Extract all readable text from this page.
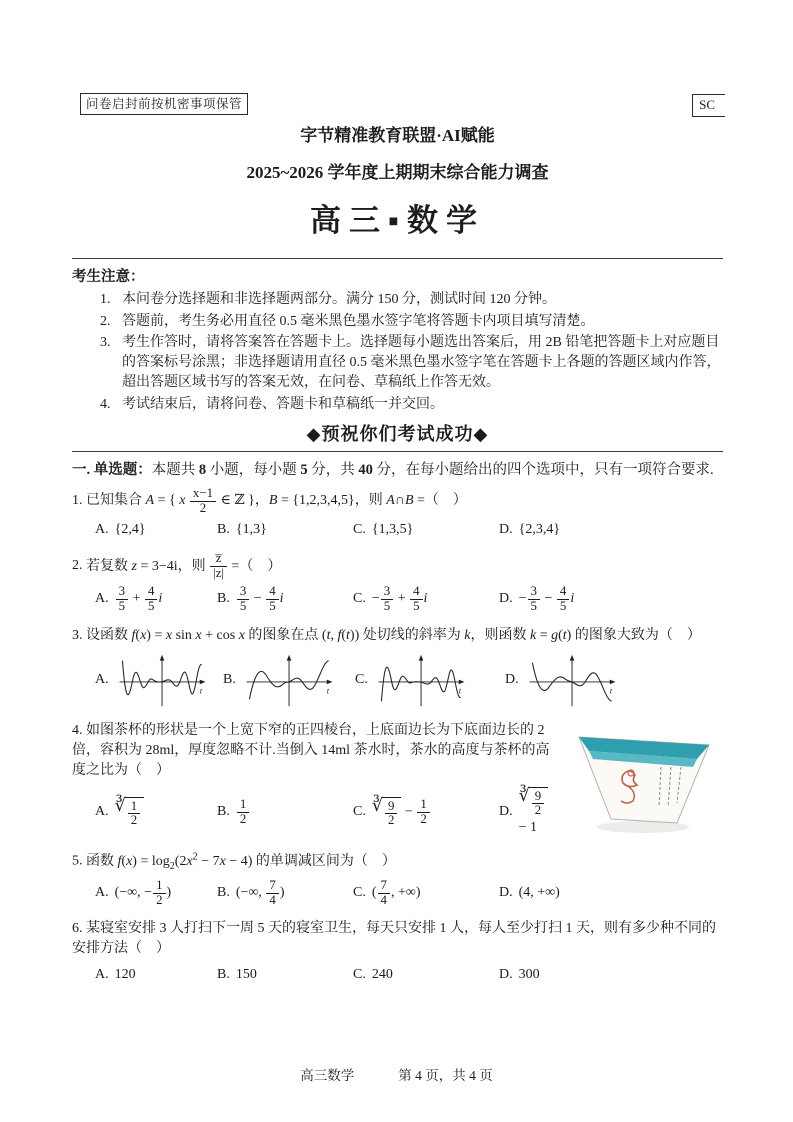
问卷启封前按机密事项保管	SC
字节精准教育联盟·AI赋能
2025~2026 学年度上期期末综合能力调查
高三▪数学
考生注意：
1. 本问卷分选择题和非选择题两部分。满分 150 分，测试时间 120 分钟。
2. 答题前，考生务必用直径 0.5 毫米黑色墨水签字笔将答题卡内项目填写清楚。
3. 考生作答时，请将答案答在答题卡上。选择题每小题选出答案后，用 2B 铅笔把答题卡上对应题目的答案标号涂黑；非选择题请用直径 0.5 毫米黑色墨水签字笔在答题卡上各题的答题区域内作答，超出答题区域书写的答案无效，在问卷、草稿纸上作答无效。
4. 考试结束后，请将问卷、答题卡和草稿纸一并交回。
◆预祝你们考试成功◆
一. 单选题：本题共 8 小题，每小题 5 分，共 40 分，在每小题给出的四个选项中，只有一项符合要求.
1. 已知集合 A = { x $\frac{x-1}{2}$ ∈ ℤ }，B = {1,2,3,4,5}，则 A∩B =（　）
A. {2,4}	B. {1,3}	C. {1,3,5}	D. {2,3,4}
2. 若复数 z = 3−4i，则 $\frac{z̅}{|z|}$ =（　）
A. $\frac{3}{5} + \frac{4}{5}$ i	B. $\frac{3}{5} - \frac{4}{5}$ i	C. − $\frac{3}{5} + \frac{4}{5}$ i	D. − $\frac{3}{5} - \frac{4}{5}$ i
3. 设函数 f(x) = x sin x + cos x 的图象在点 (t, f(t)) 处切线的斜率为 k，则函数 k = g(t) 的图象大致为（　）
A.
t
B.
t
C.
t
D.
t
4. 如图茶杯的形状是一个上宽下窄的正四棱台，上底面边长为下底面边长的 2 倍，容积为 28ml，厚度忽略不计.当倒入 14ml 茶水时，茶水的高度与茶杯的高度之比为（　）
A. ∛ $\frac{1}{2}$	B. $\frac{1}{2}$	C. ∛ $\frac{9}{2} - \frac{1}{2}$	D.
∛ $\frac{9}{2}$
− 1
5. 函数 $f(x) = \log_2(2x^2 - 7x - 4)$ 的单调减区间为（　）
A. (−∞, − $\frac{1}{2}$ )	B. (−∞, $\frac{7}{4}$ )	C. ( $\frac{7}{4}$ , +∞)	D. (4, +∞)
6. 某寝室安排 3 人打扫下一周 5 天的寝室卫生，每天只安排 1 人，每人至少打扫 1 天，则有多少种不同的安排方法（　）
A. 120	B. 150	C. 240	D. 300
高三数学	第 4 页，共 4 页
